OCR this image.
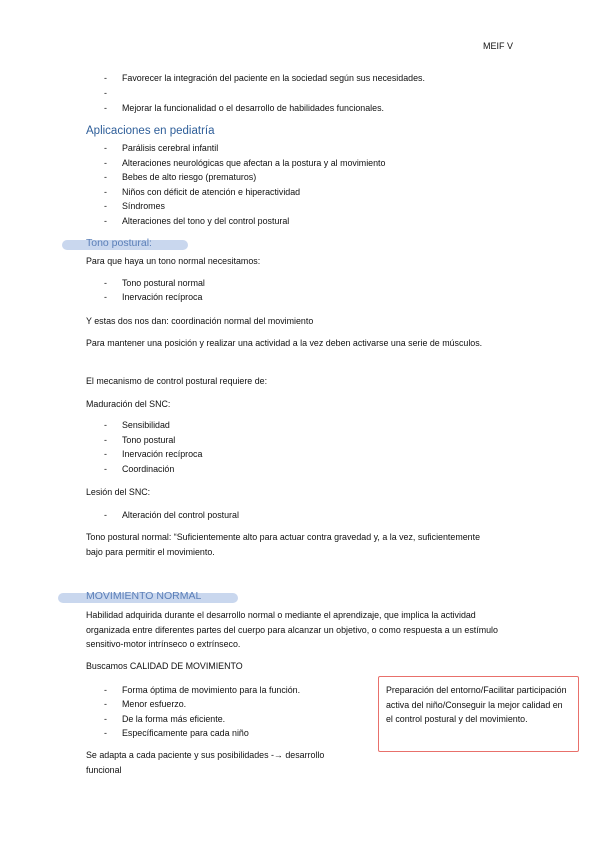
MEIF V
-	Favorecer la integración del paciente en la sociedad según sus necesidades.
-
-	Mejorar la funcionalidad o el desarrollo de habilidades funcionales.
Aplicaciones en pediatría
-	Parálisis cerebral infantil
-	Alteraciones neurológicas que afectan a la postura y al movimiento
-	Bebes de alto riesgo (prematuros)
-	Niños con déficit de atención e hiperactividad
-	Síndromes
-	Alteraciones del tono y del control postural
Tono postural:
Para que haya un tono normal necesitamos:
-	Tono postural normal
-	Inervación recíproca
Y estas dos nos dan: coordinación normal del movimiento
Para mantener una posición y realizar una actividad a la vez deben activarse una serie de músculos.
El mecanismo de control postural requiere de:
Maduración del SNC:
-	Sensibilidad
-	Tono postural
-	Inervación recíproca
-	Coordinación
Lesión del SNC:
-	Alteración del control postural
Tono postural normal: “Suficientemente alto para actuar contra gravedad y, a la vez, suficientemente bajo para permitir el movimiento.
MOVIMIENTO NORMAL
Habilidad adquirida durante el desarrollo normal o mediante el aprendizaje, que implica la actividad organizada entre diferentes partes del cuerpo para alcanzar un objetivo, o como respuesta a un estímulo sensitivo-motor intrínseco o extrínseco.
Buscamos CALIDAD DE MOVIMIENTO
-	Forma óptima de movimiento para la función.
-	Menor esfuerzo.
-	De la forma más eficiente.
-	Específicamente para cada niño
Se adapta a cada paciente y sus posibilidades -→ desarrollo funcional
Preparación del entorno/Facilitar participación activa del niño/Conseguir la mejor calidad en el control postural y del movimiento.
